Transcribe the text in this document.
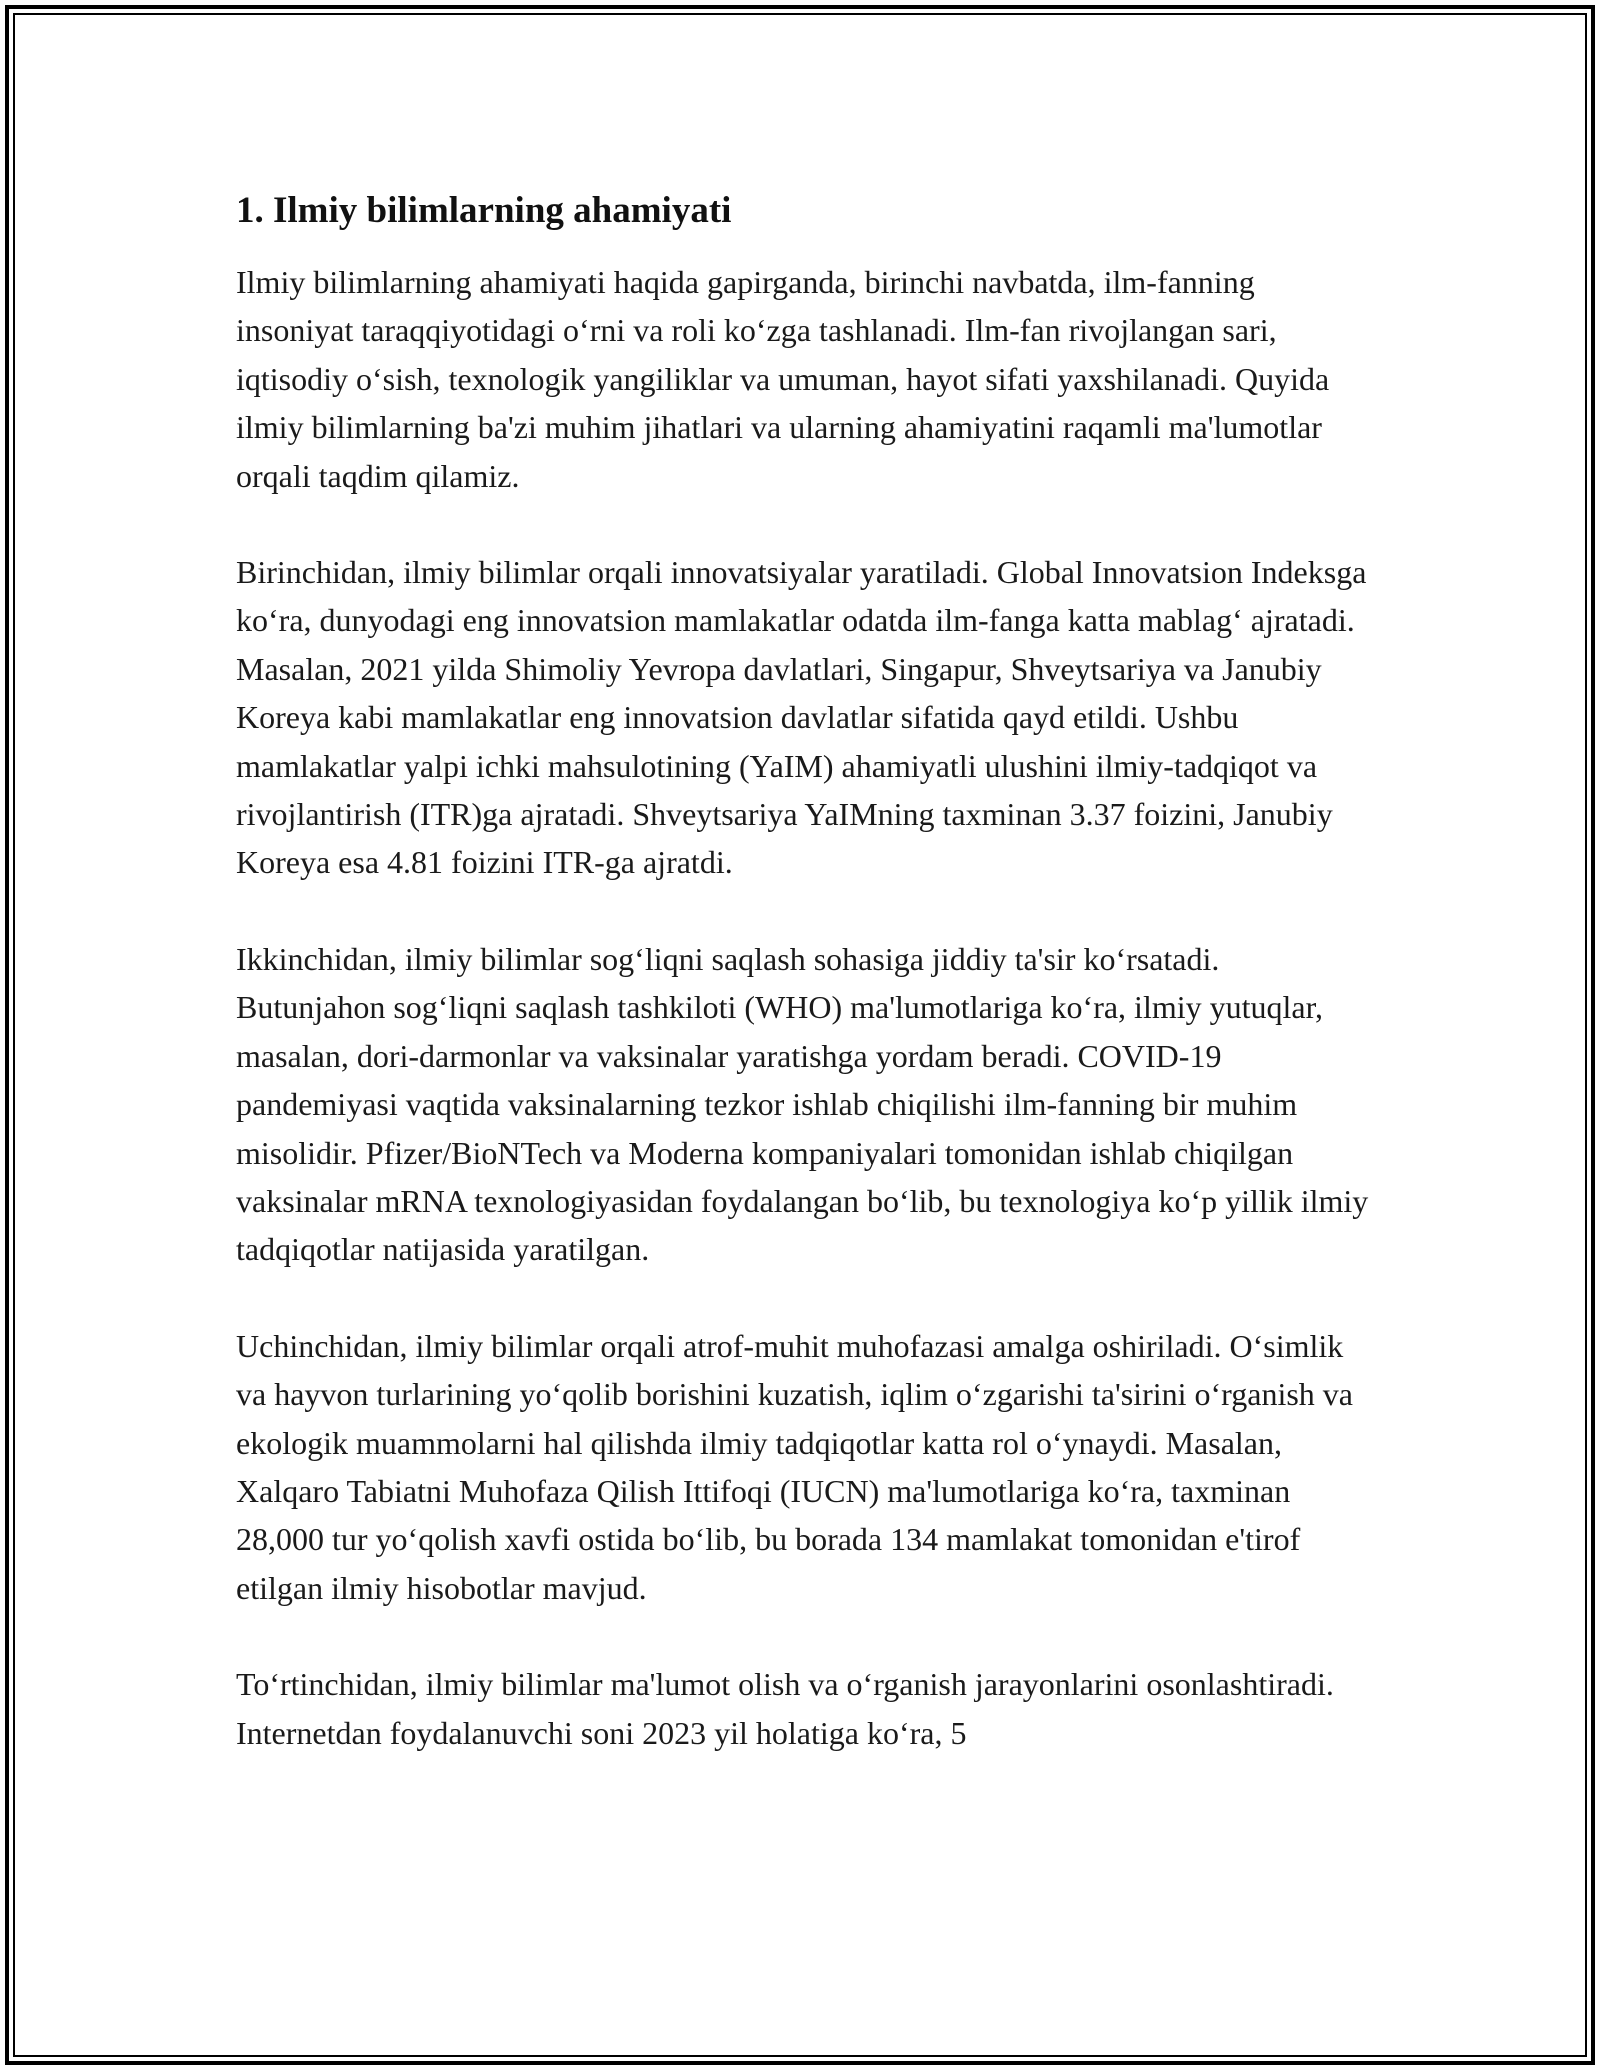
1. Ilmiy bilimlarning ahamiyati

Ilmiy bilimlarning ahamiyati haqida gapirganda, birinchi navbatda, ilm-fanning insoniyat taraqqiyotidagi o‘rni va roli ko‘zga tashlanadi. Ilm-fan rivojlangan sari, iqtisodiy o‘sish, texnologik yangiliklar va umuman, hayot sifati yaxshilanadi. Quyida ilmiy bilimlarning ba'zi muhim jihatlari va ularning ahamiyatini raqamli ma'lumotlar orqali taqdim qilamiz.

Birinchidan, ilmiy bilimlar orqali innovatsiyalar yaratiladi. Global Innovatsion Indeksga ko‘ra, dunyodagi eng innovatsion mamlakatlar odatda ilm-fanga katta mablag‘ ajratadi. Masalan, 2021 yilda Shimoliy Yevropa davlatlari, Singapur, Shveytsariya va Janubiy Koreya kabi mamlakatlar eng innovatsion davlatlar sifatida qayd etildi. Ushbu mamlakatlar yalpi ichki mahsulotining (YaIM) ahamiyatli ulushini ilmiy-tadqiqot va rivojlantirish (ITR)ga ajratadi. Shveytsariya YaIMning taxminan 3.37 foizini, Janubiy Koreya esa 4.81 foizini ITR-ga ajratdi.

Ikkinchidan, ilmiy bilimlar sog‘liqni saqlash sohasiga jiddiy ta'sir ko‘rsatadi. Butunjahon sog‘liqni saqlash tashkiloti (WHO) ma'lumotlariga ko‘ra, ilmiy yutuqlar, masalan, dori-darmonlar va vaksinalar yaratishga yordam beradi. COVID-19 pandemiyasi vaqtida vaksinalarning tezkor ishlab chiqilishi ilm-fanning bir muhim misolidir. Pfizer/BioNTech va Moderna kompaniyalari tomonidan ishlab chiqilgan vaksinalar mRNA texnologiyasidan foydalangan bo‘lib, bu texnologiya ko‘p yillik ilmiy tadqiqotlar natijasida yaratilgan.

Uchinchidan, ilmiy bilimlar orqali atrof-muhit muhofazasi amalga oshiriladi. O‘simlik va hayvon turlarining yo‘qolib borishini kuzatish, iqlim o‘zgarishi ta'sirini o‘rganish va ekologik muammolarni hal qilishda ilmiy tadqiqotlar katta rol o‘ynaydi. Masalan, Xalqaro Tabiatni Muhofaza Qilish Ittifoqi (IUCN) ma'lumotlariga ko‘ra, taxminan 28,000 tur yo‘qolish xavfi ostida bo‘lib, bu borada 134 mamlakat tomonidan e'tirof etilgan ilmiy hisobotlar mavjud.

To‘rtinchidan, ilmiy bilimlar ma'lumot olish va o‘rganish jarayonlarini osonlashtiradi. Internetdan foydalanuvchi soni 2023 yil holatiga ko‘ra, 5
